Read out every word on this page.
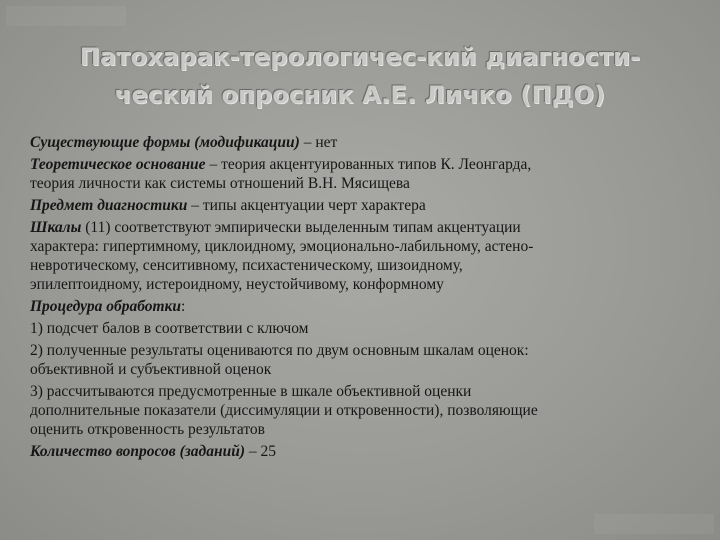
Патохарак-терологичес-кий диагности-
ческий опросник А.Е. Личко (ПДО)

Существующие формы (модификации) – нет

Теоретическое основание – теория акцентуированных типов К. Леонгарда,
теория личности как системы отношений В.Н. Мясищева

Предмет диагностики – типы акцентуации черт характера

Шкалы (11) соответствуют эмпирически выделенным типам акцентуации
характера: гипертимному, циклоидному, эмоционально-лабильному, астено-
невротическому, сенситивному, психастеническому, шизоидному,
эпилептоидному, истероидному, неустойчивому, конформному

Процедура обработки:

1) подсчет балов в соответствии с ключом

2) полученные результаты оцениваются по двум основным шкалам оценок:
объективной и субъективной оценок

3) рассчитываются предусмотренные в шкале объективной оценки
дополнительные показатели (диссимуляции и откровенности), позволяющие
оценить откровенность результатов

Количество вопросов (заданий) – 25
